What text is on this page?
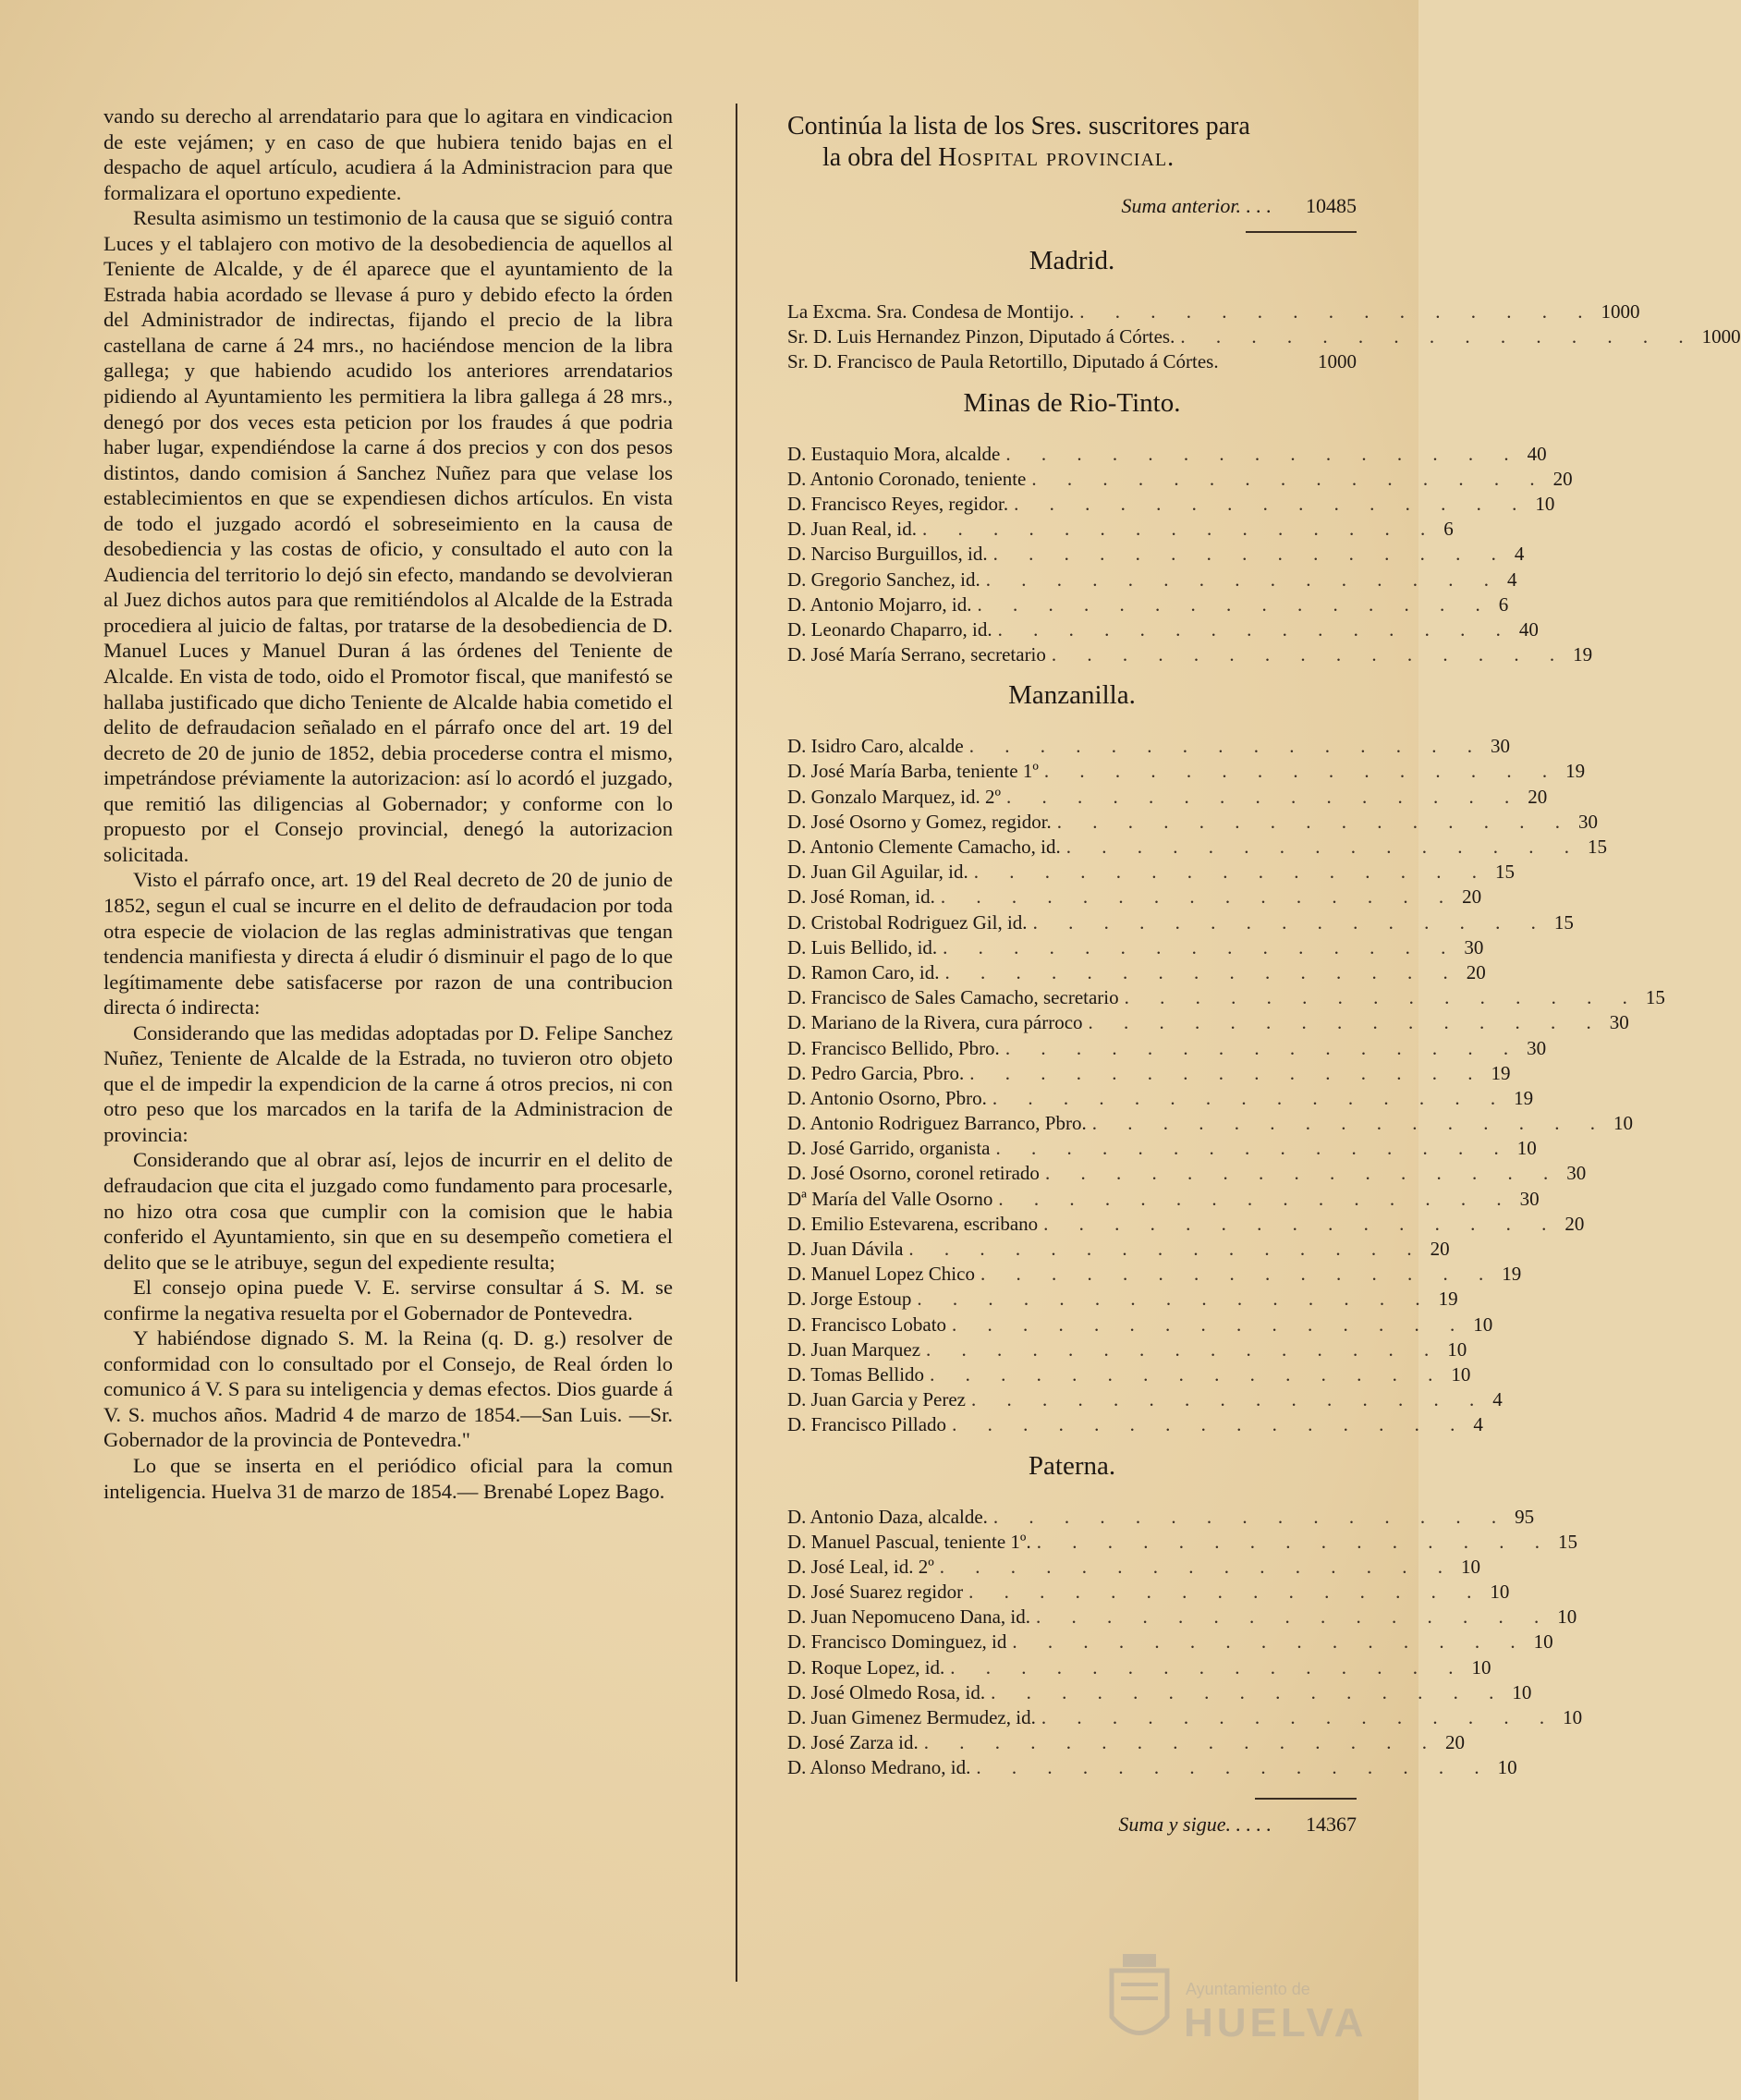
vando su derecho al arrendatario para que lo agitara en vindicacion de este vejámen; y en caso de que hubiera tenido bajas en el despacho de aquel artículo, acudiera á la Administracion para que formalizara el oportuno expediente.

Resulta asimismo un testimonio de la causa que se siguió contra Luces y el tablajero con motivo de la desobediencia de aquellos al Teniente de Alcalde, y de él aparece que el ayuntamiento de la Estrada habia acordado se llevase á puro y debido efecto la órden del Administrador de indirectas, fijando el precio de la libra castellana de carne á 24 mrs., no haciéndose mencion de la libra gallega; y que habiendo acudido los anteriores arrendatarios pidiendo al Ayuntamiento les permitiera la libra gallega á 28 mrs., denegó por dos veces esta peticion por los fraudes á que podria haber lugar, expendiéndose la carne á dos precios y con dos pesos distintos, dando comision á Sanchez Nuñez para que velase los establecimientos en que se expendiesen dichos artículos. En vista de todo el juzgado acordó el sobreseimiento en la causa de desobediencia y las costas de oficio, y consultado el auto con la Audiencia del territorio lo dejó sin efecto, mandando se devolvieran al Juez dichos autos para que remitiéndolos al Alcalde de la Estrada procediera al juicio de faltas, por tratarse de la desobediencia de D. Manuel Luces y Manuel Duran á las órdenes del Teniente de Alcalde. En vista de todo, oido el Promotor fiscal, que manifestó se hallaba justificado que dicho Teniente de Alcalde habia cometido el delito de defraudacion señalado en el párrafo once del art. 19 del decreto de 20 de junio de 1852, debia procederse contra el mismo, impetrándose préviamente la autorizacion: así lo acordó el juzgado, que remitió las diligencias al Gobernador; y conforme con lo propuesto por el Consejo provincial, denegó la autorizacion solicitada.

Visto el párrafo once, art. 19 del Real decreto de 20 de junio de 1852, segun el cual se incurre en el delito de defraudacion por toda otra especie de violacion de las reglas administrativas que tengan tendencia manifiesta y directa á eludir ó disminuir el pago de lo que legítimamente debe satisfacerse por razon de una contribucion directa ó indirecta:

Considerando que las medidas adoptadas por D. Felipe Sanchez Nuñez, Teniente de Alcalde de la Estrada, no tuvieron otro objeto que el de impedir la expendicion de la carne á otros precios, ni con otro peso que los marcados en la tarifa de la Administracion de provincia:

Considerando que al obrar así, lejos de incurrir en el delito de defraudacion que cita el juzgado como fundamento para procesarle, no hizo otra cosa que cumplir con la comision que le habia conferido el Ayuntamiento, sin que en su desempeño cometiera el delito que se le atribuye, segun del expediente resulta;

El consejo opina puede V. E. servirse consultar á S. M. se confirme la negativa resuelta por el Gobernador de Pontevedra.

Y habiéndose dignado S. M. la Reina (q. D. g.) resolver de conformidad con lo consultado por el Consejo, de Real órden lo comunico á V. S para su inteligencia y demas efectos. Dios guarde á V. S. muchos años. Madrid 4 de marzo de 1854.—San Luis. —Sr. Gobernador de la provincia de Pontevedra."

Lo que se inserta en el periódico oficial para la comun inteligencia. Huelva 31 de marzo de 1854.— Brenabé Lopez Bago.

Continúa la lista de los Sres. suscritores para
la obra del Hospital provincial.
Suma anterior. . . .	10485
Madrid.
La Excma. Sra. Condesa de Montijo. . . . . . . . . . . . . . . . 1000
Sr. D. Luis Hernandez Pinzon, Diputado á Córtes. . . . . . . . . . . . . . . . 1000
Sr. D. Francisco de Paula Retortillo, Diputado á Córtes.	1000
Minas de Rio-Tinto.
D. Eustaquio Mora, alcalde . . . . . . . . . . . . . . . 40
D. Antonio Coronado, teniente . . . . . . . . . . . . . . . 20
D. Francisco Reyes, regidor. . . . . . . . . . . . . . . . 10
D. Juan Real, id. . . . . . . . . . . . . . . . 6
D. Narciso Burguillos, id. . . . . . . . . . . . . . . . 4
D. Gregorio Sanchez, id. . . . . . . . . . . . . . . . 4
D. Antonio Mojarro, id. . . . . . . . . . . . . . . . 6
D. Leonardo Chaparro, id. . . . . . . . . . . . . . . . 40
D. José María Serrano, secretario . . . . . . . . . . . . . . . 19
Manzanilla.
D. Isidro Caro, alcalde . . . . . . . . . . . . . . . 30
D. José María Barba, teniente 1º . . . . . . . . . . . . . . . 19
D. Gonzalo Marquez, id. 2º . . . . . . . . . . . . . . . 20
D. José Osorno y Gomez, regidor. . . . . . . . . . . . . . . . 30
D. Antonio Clemente Camacho, id. . . . . . . . . . . . . . . . 15
D. Juan Gil Aguilar, id. . . . . . . . . . . . . . . . 15
D. José Roman, id. . . . . . . . . . . . . . . . 20
D. Cristobal Rodriguez Gil, id. . . . . . . . . . . . . . . . 15
D. Luis Bellido, id. . . . . . . . . . . . . . . . 30
D. Ramon Caro, id. . . . . . . . . . . . . . . . 20
D. Francisco de Sales Camacho, secretario . . . . . . . . . . . . . . . 15
D. Mariano de la Rivera, cura párroco . . . . . . . . . . . . . . . 30
D. Francisco Bellido, Pbro. . . . . . . . . . . . . . . . 30
D. Pedro Garcia, Pbro. . . . . . . . . . . . . . . . 19
D. Antonio Osorno, Pbro. . . . . . . . . . . . . . . . 19
D. Antonio Rodriguez Barranco, Pbro. . . . . . . . . . . . . . . . 10
D. José Garrido, organista . . . . . . . . . . . . . . . 10
D. José Osorno, coronel retirado . . . . . . . . . . . . . . . 30
Dª María del Valle Osorno . . . . . . . . . . . . . . . 30
D. Emilio Estevarena, escribano . . . . . . . . . . . . . . . 20
D. Juan Dávila . . . . . . . . . . . . . . . 20
D. Manuel Lopez Chico . . . . . . . . . . . . . . . 19
D. Jorge Estoup . . . . . . . . . . . . . . . 19
D. Francisco Lobato . . . . . . . . . . . . . . . 10
D. Juan Marquez . . . . . . . . . . . . . . . 10
D. Tomas Bellido . . . . . . . . . . . . . . . 10
D. Juan Garcia y Perez . . . . . . . . . . . . . . . 4
D. Francisco Pillado . . . . . . . . . . . . . . . 4
Paterna.
D. Antonio Daza, alcalde. . . . . . . . . . . . . . . . 95
D. Manuel Pascual, teniente 1º. . . . . . . . . . . . . . . . 15
D. José Leal, id. 2º . . . . . . . . . . . . . . . 10
D. José Suarez regidor . . . . . . . . . . . . . . . 10
D. Juan Nepomuceno Dana, id. . . . . . . . . . . . . . . . 10
D. Francisco Dominguez, id . . . . . . . . . . . . . . . 10
D. Roque Lopez, id. . . . . . . . . . . . . . . . 10
D. José Olmedo Rosa, id. . . . . . . . . . . . . . . . 10
D. Juan Gimenez Bermudez, id. . . . . . . . . . . . . . . . 10
D. José Zarza id. . . . . . . . . . . . . . . . 20
D. Alonso Medrano, id. . . . . . . . . . . . . . . . 10
Suma y sigue. . . . .	14367
Ayuntamiento de
HUELVA
